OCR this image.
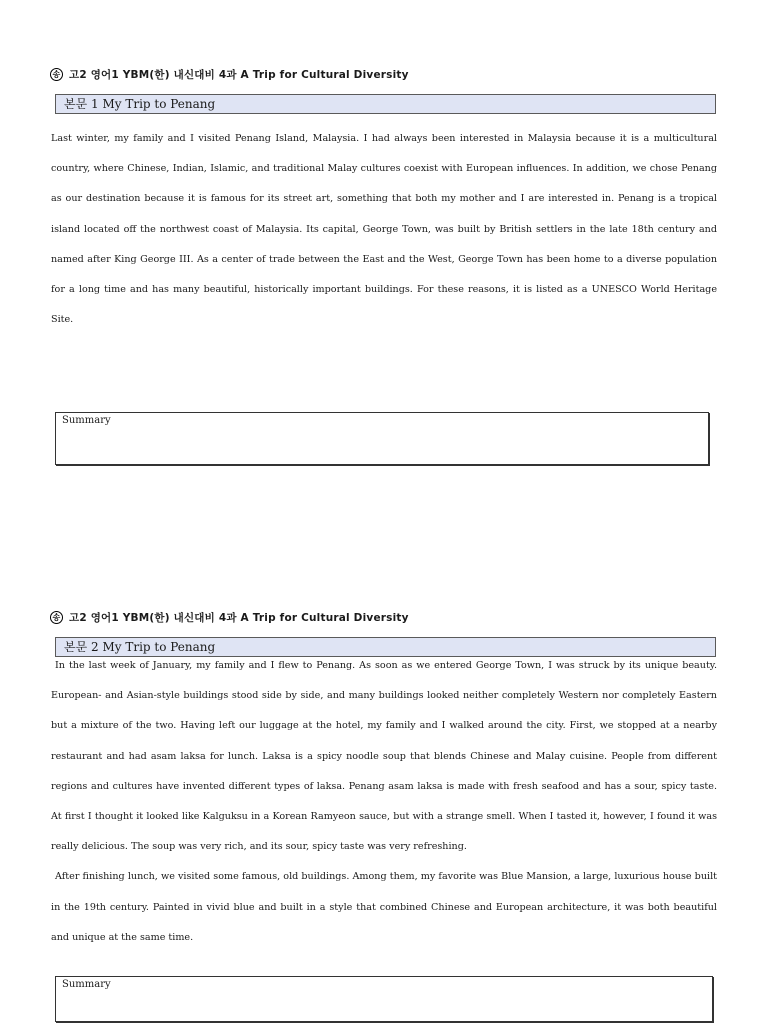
송 고2 영어1 YBM(한) 내신대비 4과 A Trip for Cultural Diversity
본문 1 My Trip to Penang

Last winter, my family and I visited Penang Island, Malaysia. I had always been interested in Malaysia because it is a multicultural country, where Chinese, Indian, Islamic, and traditional Malay cultures coexist with European influences. In addition, we chose Penang as our destination because it is famous for its street art, something that both my mother and I are interested in. Penang is a tropical island located off the northwest coast of Malaysia. Its capital, George Town, was built by British settlers in the late 18th century and named after King George III. As a center of trade between the East and the West, George Town has been home to a diverse population for a long time and has many beautiful, historically important buildings. For these reasons, it is listed as a UNESCO World Heritage Site.

Summary
송 고2 영어1 YBM(한) 내신대비 4과 A Trip for Cultural Diversity
본문 2 My Trip to Penang

In the last week of January, my family and I flew to Penang. As soon as we entered George Town, I was struck by its unique beauty. European- and Asian-style buildings stood side by side, and many buildings looked neither completely Western nor completely Eastern but a mixture of the two. Having left our luggage at the hotel, my family and I walked around the city. First, we stopped at a nearby restaurant and had asam laksa for lunch. Laksa is a spicy noodle soup that blends Chinese and Malay cuisine. People from different regions and cultures have invented different types of laksa. Penang asam laksa is made with fresh seafood and has a sour, spicy taste. At first I thought it looked like Kalguksu in a Korean Ramyeon sauce, but with a strange smell. When I tasted it, however, I found it was really delicious. The soup was very rich, and its sour, spicy taste was very refreshing.

After finishing lunch, we visited some famous, old buildings. Among them, my favorite was Blue Mansion, a large, luxurious house built in the 19th century. Painted in vivid blue and built in a style that combined Chinese and European architecture, it was both beautiful and unique at the same time.

Summary
